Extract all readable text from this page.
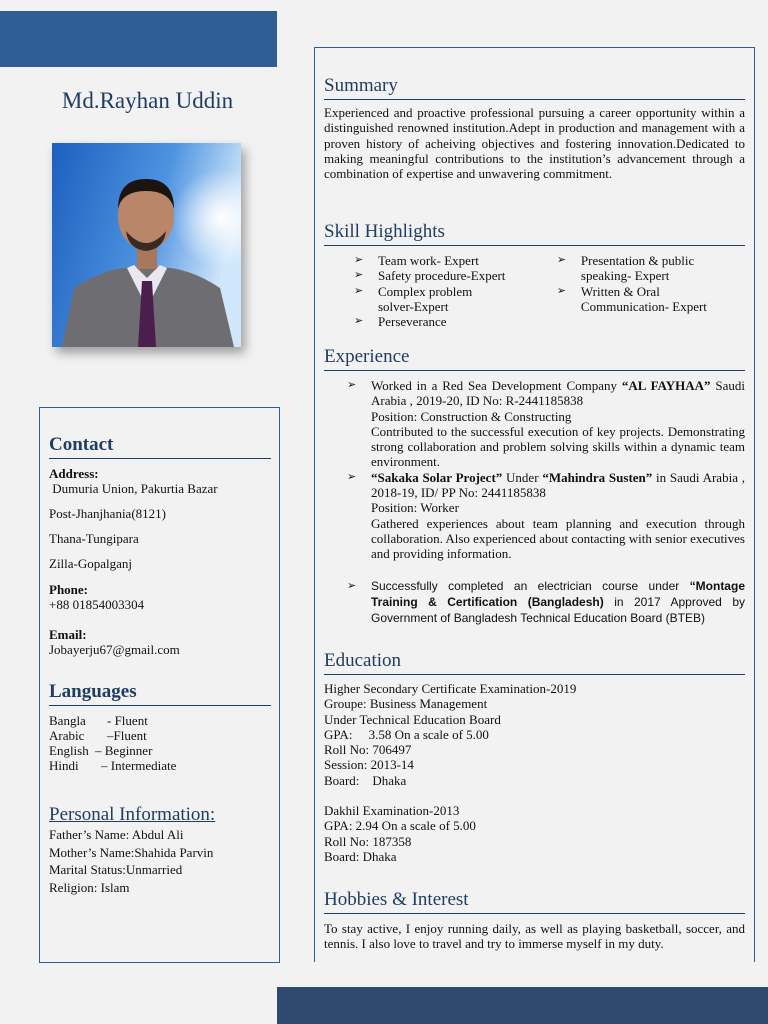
Md.Rayhan Uddin
Contact
Address:
Dumuria Union, Pakurtia Bazar
Post-Jhanjhania(8121)
Thana-Tungipara
Zilla-Gopalganj
Phone:
+88 01854003304
Email:
Jobayerju67@gmail.com
Languages
Bangla - Fluent
Arabic –Fluent
English – Beginner
Hindi – Intermediate
Personal Information:
Father’s Name: Abdul Ali
Mother’s Name:Shahida Parvin
Marital Status:Unmarried
Religion: Islam
Summary

Experienced and proactive professional pursuing a career opportunity within a distinguished renowned institution.Adept in production and management with a proven history of acheiving objectives and fostering innovation.Dedicated to making meaningful contributions to the institution’s advancement through a combination of expertise and unwavering commitment.

Skill Highlights
➢ Team work- Expert
➢ Safety procedure-Expert
➢ Complex problem solver-Expert
➢ Perseverance
➢ Presentation & public speaking- Expert
➢ Written & Oral Communication- Expert
Experience
➢ Worked in a Red Sea Development Company “AL FAYHAA” Saudi Arabia , 2019-20, ID No: R-2441185838
Position: Construction & Constructing
Contributed to the successful execution of key projects. Demonstrating strong collaboration and problem solving skills within a dynamic team environment.
➢ “Sakaka Solar Project” Under “Mahindra Susten” in Saudi Arabia , 2018-19, ID/ PP No: 2441185838
Position: Worker
Gathered experiences about team planning and execution through collaboration. Also experienced about contacting with senior executives and providing information.
➢ Successfully completed an electrician course under “Montage Training & Certification (Bangladesh) in 2017 Approved by Government of Bangladesh Technical Education Board (BTEB)
Education
Higher Secondary Certificate Examination-2019
Groupe: Business Management
Under Technical Education Board
GPA:     3.58 On a scale of 5.00
Roll No: 706497
Session: 2013-14
Board:    Dhaka
Dakhil Examination-2013
GPA: 2.94 On a scale of 5.00
Roll No: 187358
Board: Dhaka
Hobbies & Interest

To stay active, I enjoy running daily, as well as playing basketball, soccer, and tennis. I also love to travel and try to immerse myself in my duty.
